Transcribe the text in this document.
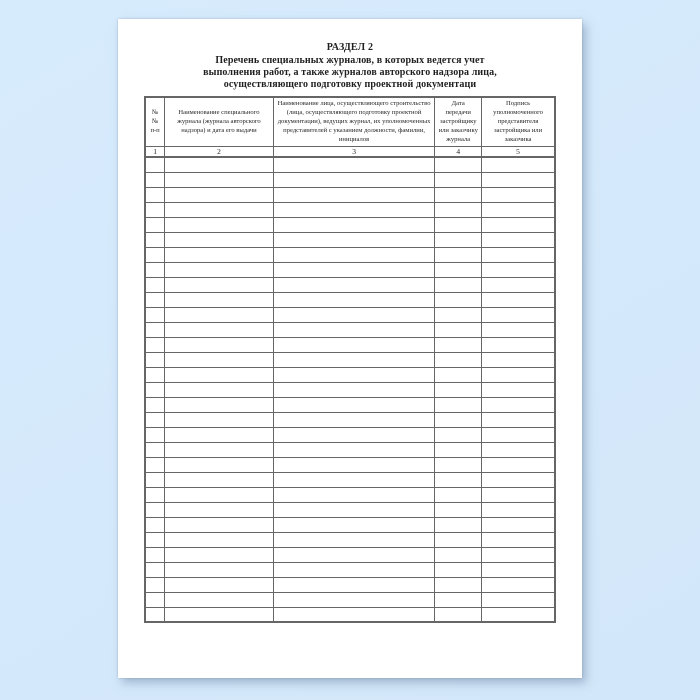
РАЗДЕЛ 2
Перечень специальных журналов, в которых ведется учет
выполнения работ, а также журналов авторского надзора лица,
осуществляющего подготовку проектной документаци
№№ п-п	Наименование специального журнала (журнала авторского надзора) и дата его выдачи	Наименование лица, осуществляющего строительство (лица, осуществляющего подготовку проектной документации), ведущих журнал, их уполномоченных представителей с указанием должности, фамилии, инициалов	Дата передачи застройщику или заказчику журнала	Подпись уполномоченного представителя застройщика или заказчика
1	2	3	4	5
